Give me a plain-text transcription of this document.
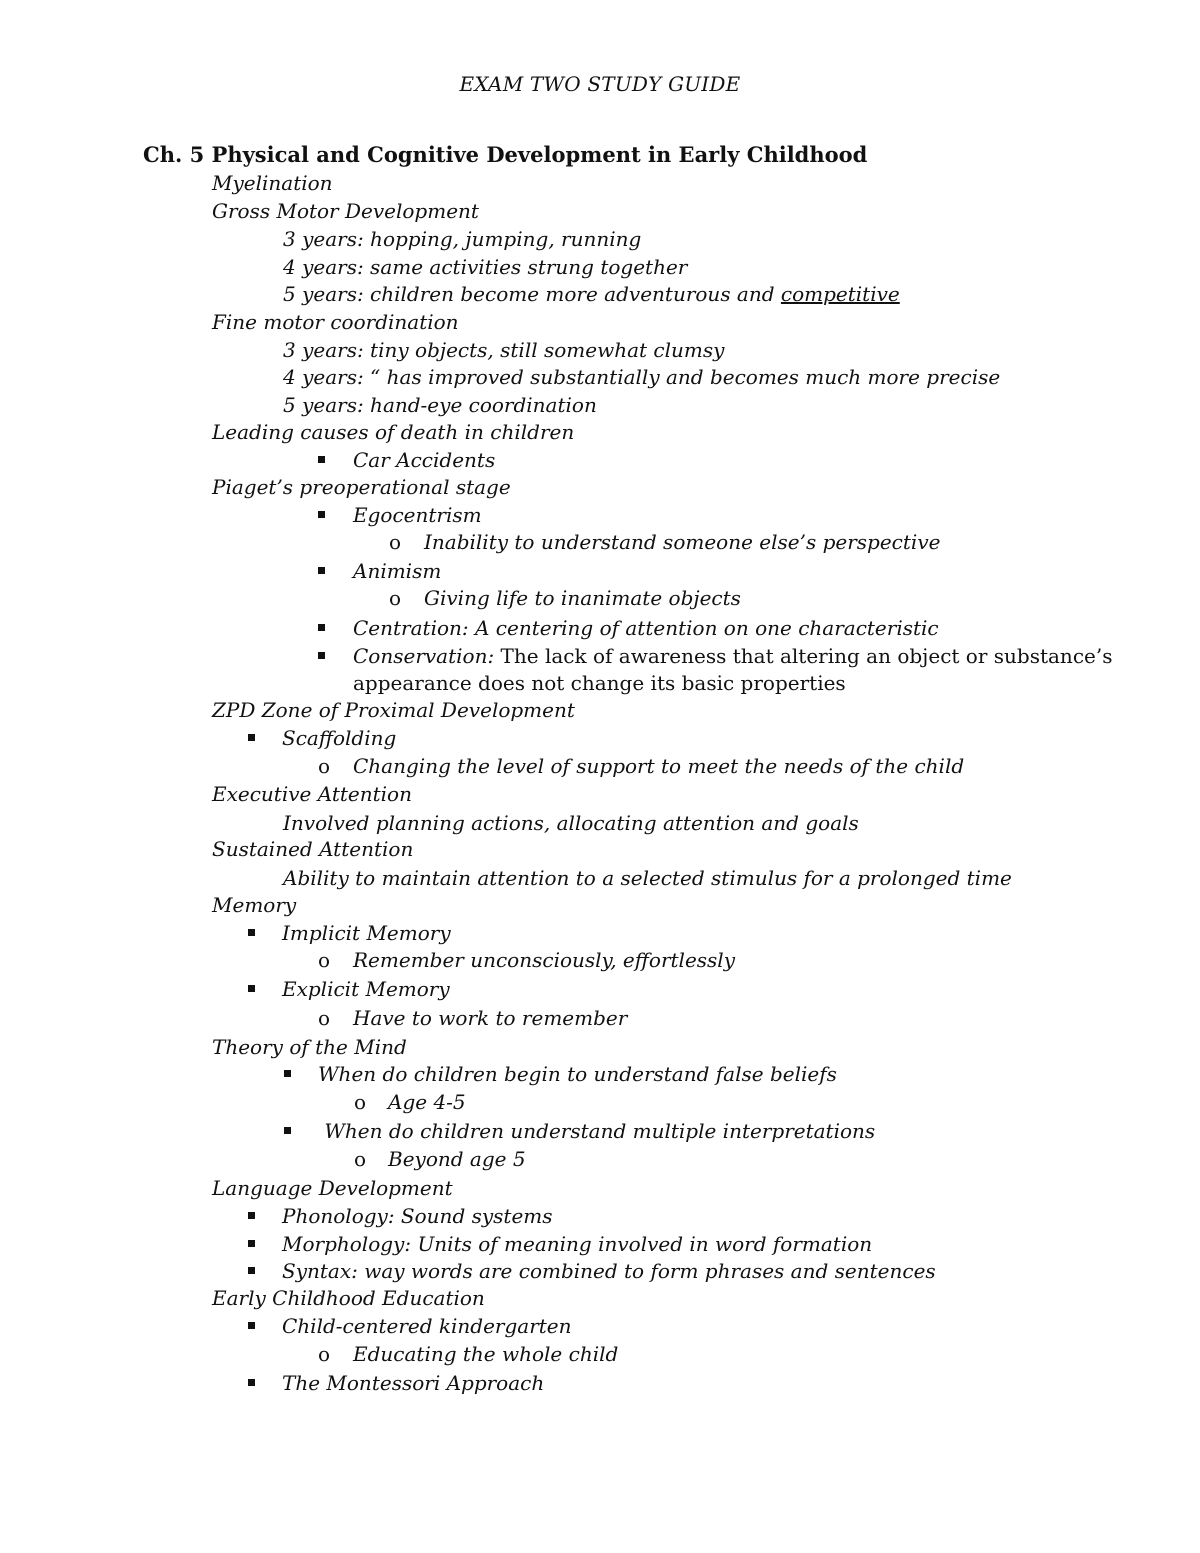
EXAM TWO STUDY GUIDE
Ch. 5 Physical and Cognitive Development in Early Childhood
Myelination
Gross Motor Development
3 years: hopping, jumping, running
4 years: same activities strung together
5 years: children become more adventurous and competitive
Fine motor coordination
3 years: tiny objects, still somewhat clumsy
4 years: “ has improved substantially and becomes much more precise
5 years: hand-eye coordination
Leading causes of death in children
Car Accidents
Piaget’s preoperational stage
Egocentrism
o Inability to understand someone else’s perspective
Animism
o Giving life to inanimate objects
Centration: A centering of attention on one characteristic
Conservation: The lack of awareness that altering an object or substance’s
appearance does not change its basic properties
ZPD Zone of Proximal Development
Scaffolding
o Changing the level of support to meet the needs of the child
Executive Attention
Involved planning actions, allocating attention and goals
Sustained Attention
Ability to maintain attention to a selected stimulus for a prolonged time
Memory
Implicit Memory
o Remember unconsciously, effortlessly
Explicit Memory
o Have to work to remember
Theory of the Mind
When do children begin to understand false beliefs
o Age 4-5
When do children understand multiple interpretations
o Beyond age 5
Language Development
Phonology: Sound systems
Morphology: Units of meaning involved in word formation
Syntax: way words are combined to form phrases and sentences
Early Childhood Education
Child-centered kindergarten
o Educating the whole child
The Montessori Approach
